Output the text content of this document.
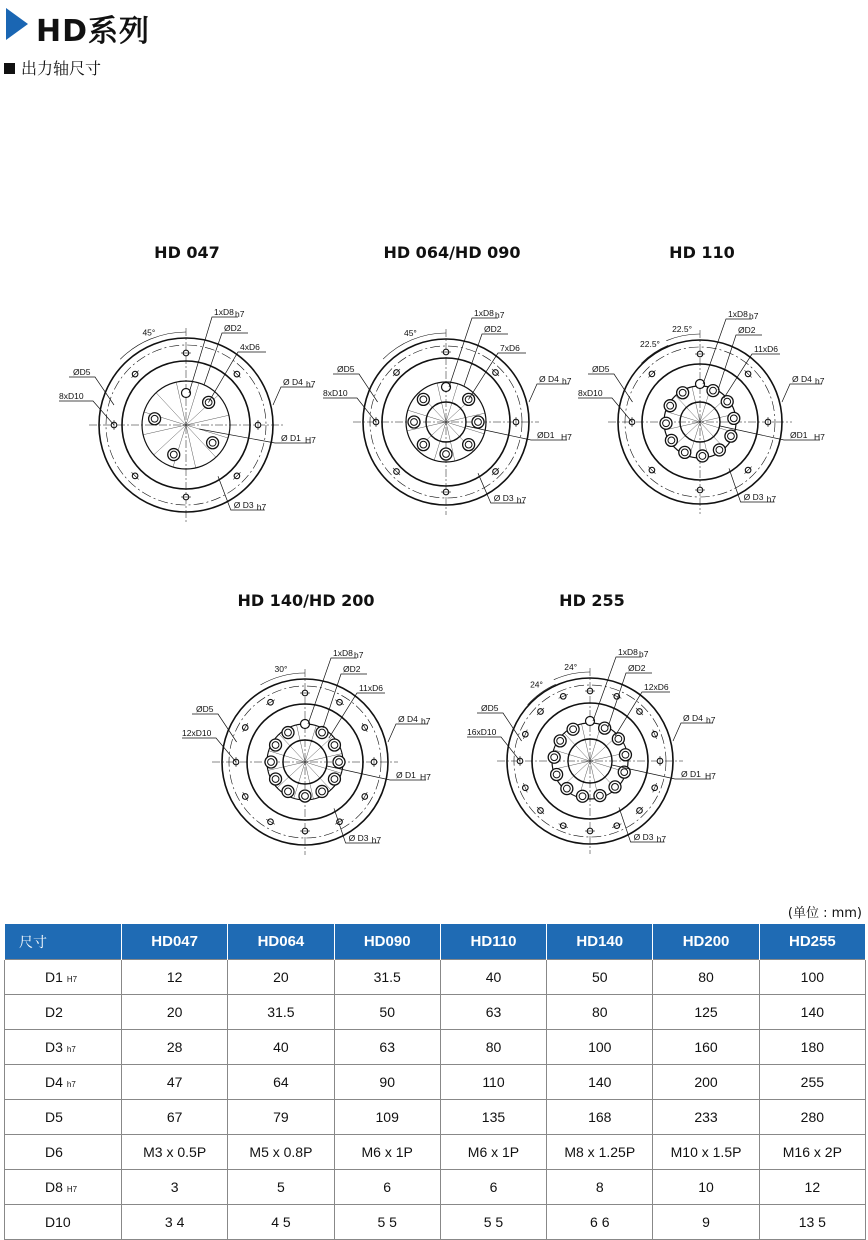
HD系列
出力轴尺寸
HD 047	HD 064/HD 090	HD 110
HD 140/HD 200	HD 255
45°
1xD8 h7
ØD2
4xD6
ØD5
8xD10
Ø D4 h7
Ø D1 H7
Ø D3 h7
45°
1xD8 h7
ØD2
7xD6
ØD5
8xD10
Ø D4 h7
ØD1 H7
Ø D3 h7
22.5°
22.5°
1xD8 h7
ØD2
11xD6
ØD5
8xD10
Ø D4 h7
ØD1 H7
Ø D3 h7
30°
1xD8 h7
ØD2
11xD6
ØD5
12xD10
Ø D4 h7
Ø D1 H7
Ø D3 h7
24°
24°
1xD8 h7
ØD2
12xD6
ØD5
16xD10
Ø D4 h7
Ø D1 H7
Ø D3 h7
(单位 : mm)
尺寸	HD047	HD064	HD090	HD110	HD140	HD200	HD255
D1 H7	12	20	31.5	40	50	80	100
D2	20	31.5	50	63	80	125	140
D3 h7	28	40	63	80	100	160	180
D4 h7	47	64	90	110	140	200	255
D5	67	79	109	135	168	233	280
D6	M3 x 0.5P	M5 x 0.8P	M6 x 1P	M6 x 1P	M8 x 1.25P	M10 x 1.5P	M16 x 2P
D8 H7	3	5	6	6	8	10	12
D10	3 4	4 5	5 5	5 5	6 6	9	13 5
